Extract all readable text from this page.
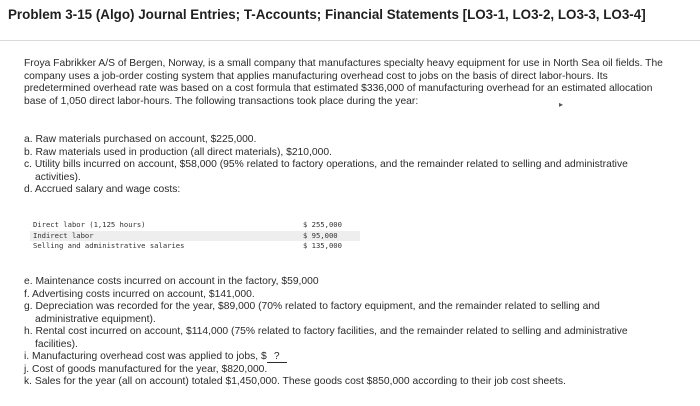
Problem 3-15 (Algo) Journal Entries; T-Accounts; Financial Statements [LO3-1, LO3-2, LO3-3, LO3-4]
Froya Fabrikker A/S of Bergen, Norway, is a small company that manufactures specialty heavy equipment for use in North Sea oil fields. The company uses a job-order costing system that applies manufacturing overhead cost to jobs on the basis of direct labor-hours. Its predetermined overhead rate was based on a cost formula that estimated $336,000 of manufacturing overhead for an estimated allocation base of 1,050 direct labor-hours. The following transactions took place during the year:	▸
a. Raw materials purchased on account, $225,000.
b. Raw materials used in production (all direct materials), $210,000.
c. Utility bills incurred on account, $58,000 (95% related to factory operations, and the remainder related to selling and administrative
activities).
d. Accrued salary and wage costs:
Direct labor (1,125 hours)	$ 255,000
Indirect labor	$ 95,000
Selling and administrative salaries	$ 135,000
e. Maintenance costs incurred on account in the factory, $59,000
f. Advertising costs incurred on account, $141,000.
g. Depreciation was recorded for the year, $89,000 (70% related to factory equipment, and the remainder related to selling and
administrative equipment).
h. Rental cost incurred on account, $114,000 (75% related to factory facilities, and the remainder related to selling and administrative
facilities).
i. Manufacturing overhead cost was applied to jobs, $ ?
j. Cost of goods manufactured for the year, $820,000.
k. Sales for the year (all on account) totaled $1,450,000. These goods cost $850,000 according to their job cost sheets.
